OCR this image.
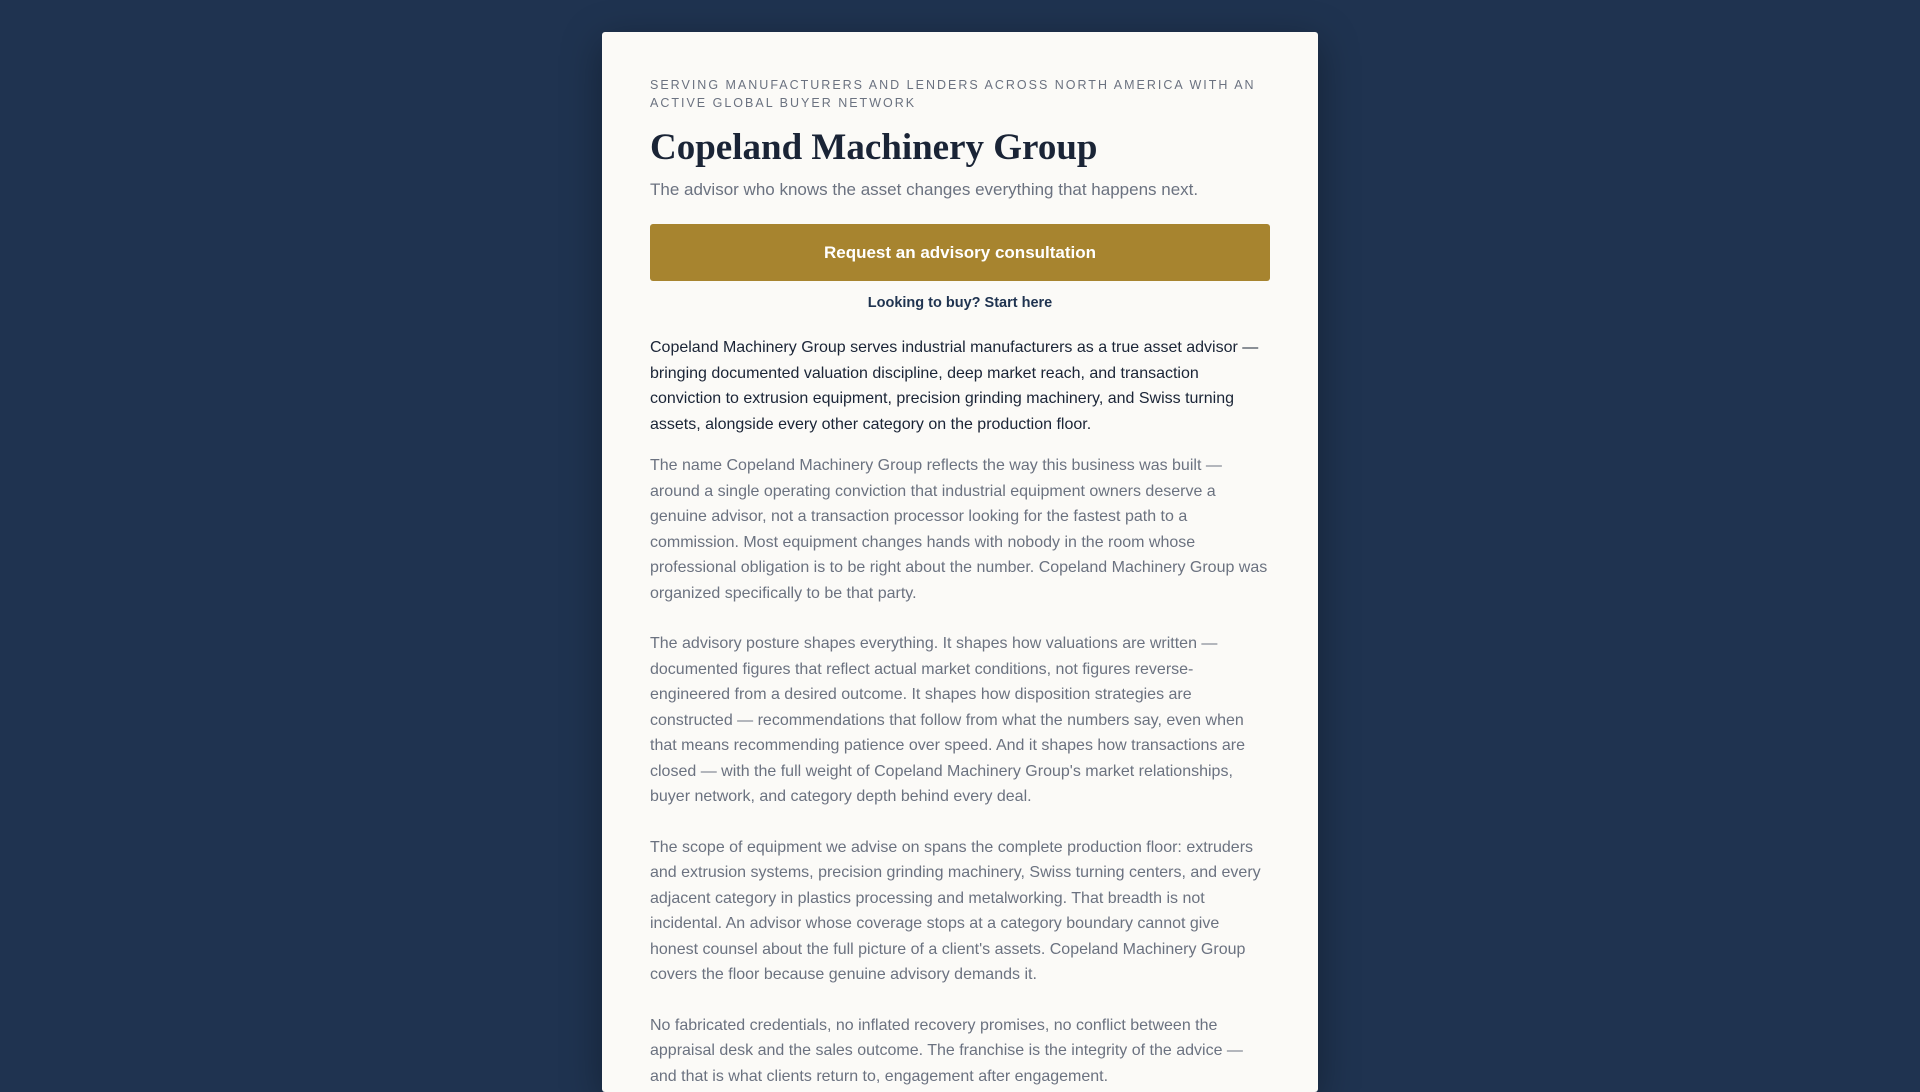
SERVING MANUFACTURERS AND LENDERS ACROSS NORTH AMERICA WITH AN ACTIVE GLOBAL BUYER NETWORK

Copeland Machinery Group

The advisor who knows the asset changes everything that happens next.

Request an advisory consultation
Looking to buy? Start here

Copeland Machinery Group serves industrial manufacturers as a true asset advisor — bringing documented valuation discipline, deep market reach, and transaction conviction to extrusion equipment, precision grinding machinery, and Swiss turning assets, alongside every other category on the production floor.

The name Copeland Machinery Group reflects the way this business was built — around a single operating conviction that industrial equipment owners deserve a genuine advisor, not a transaction processor looking for the fastest path to a commission. Most equipment changes hands with nobody in the room whose professional obligation is to be right about the number. Copeland Machinery Group was organized specifically to be that party.

The advisory posture shapes everything. It shapes how valuations are written — documented figures that reflect actual market conditions, not figures reverse-engineered from a desired outcome. It shapes how disposition strategies are constructed — recommendations that follow from what the numbers say, even when that means recommending patience over speed. And it shapes how transactions are closed — with the full weight of Copeland Machinery Group's market relationships, buyer network, and category depth behind every deal.

The scope of equipment we advise on spans the complete production floor: extruders and extrusion systems, precision grinding machinery, Swiss turning centers, and every adjacent category in plastics processing and metalworking. That breadth is not incidental. An advisor whose coverage stops at a category boundary cannot give honest counsel about the full picture of a client's assets. Copeland Machinery Group covers the floor because genuine advisory demands it.

No fabricated credentials, no inflated recovery promises, no conflict between the appraisal desk and the sales outcome. The franchise is the integrity of the advice — and that is what clients return to, engagement after engagement.
